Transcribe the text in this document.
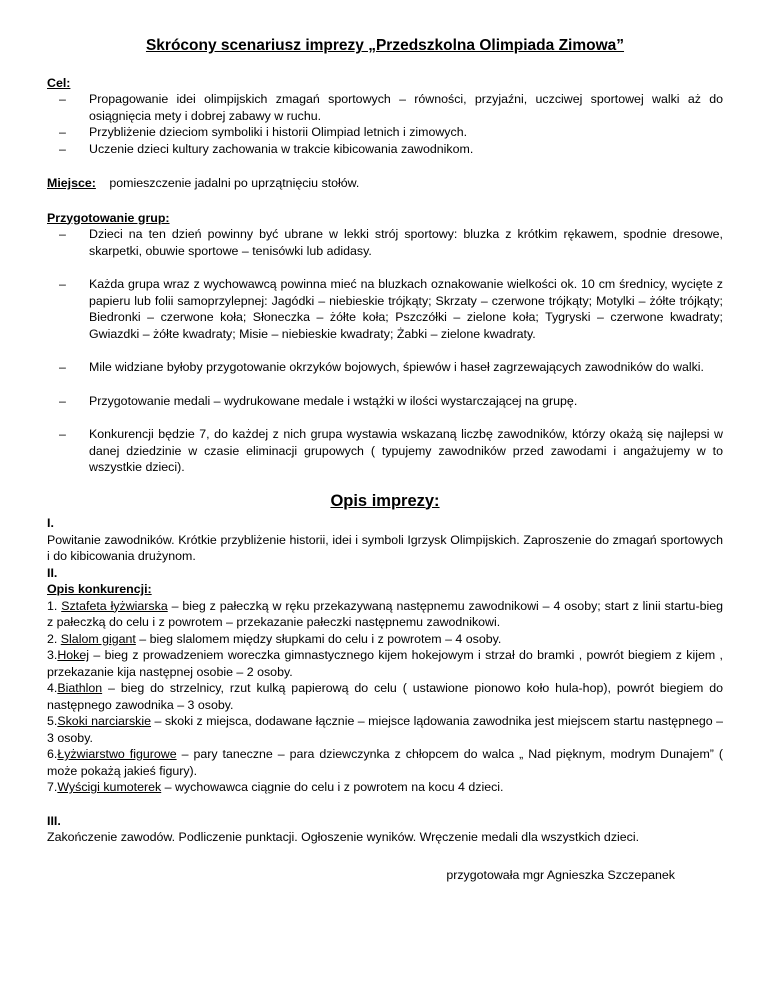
Skrócony scenariusz imprezy „Przedszkolna Olimpiada Zimowa”
Cel:
– Propagowanie idei olimpijskich zmagań sportowych – równości, przyjaźni, uczciwej sportowej walki aż do osiągnięcia mety i dobrej zabawy w ruchu.
– Przybliżenie dzieciom symboliki i historii Olimpiad letnich i zimowych.
– Uczenie dzieci kultury zachowania w trakcie kibicowania zawodnikom.
Miejsce: pomieszczenie jadalni po uprzątnięciu stołów.
Przygotowanie grup:
– Dzieci na ten dzień powinny być ubrane w lekki strój sportowy: bluzka z krótkim rękawem, spodnie dresowe, skarpetki, obuwie sportowe – tenisówki lub adidasy.
– Każda grupa wraz z wychowawcą powinna mieć na bluzkach oznakowanie wielkości ok. 10 cm średnicy, wycięte z papieru lub folii samoprzylepnej: Jagódki – niebieskie trójkąty; Skrzaty – czerwone trójkąty; Motylki – żółte trójkąty; Biedronki – czerwone koła; Słoneczka – żółte koła; Pszczółki – zielone koła; Tygryski – czerwone kwadraty; Gwiazdki – żółte kwadraty; Misie – niebieskie kwadraty; Żabki – zielone kwadraty.
– Mile widziane byłoby przygotowanie okrzyków bojowych, śpiewów i haseł zagrzewających zawodników do walki.
– Przygotowanie medali – wydrukowane medale i wstążki w ilości wystarczającej na grupę.
– Konkurencji będzie 7, do każdej z nich grupa wystawia wskazaną liczbę zawodników, którzy okażą się najlepsi w danej dziedzinie w czasie eliminacji grupowych ( typujemy zawodników przed zawodami i angażujemy w to wszystkie dzieci).
Opis imprezy:
I.

Powitanie zawodników. Krótkie przybliżenie historii, idei i symboli Igrzysk Olimpijskich. Zaproszenie do zmagań sportowych i do kibicowania drużynom.

II.
Opis konkurencji:

1. Sztafeta łyżwiarska – bieg z pałeczką w ręku przekazywaną następnemu zawodnikowi – 4 osoby; start z linii startu-bieg z pałeczką do celu i z powrotem – przekazanie pałeczki następnemu zawodnikowi.

2. Slalom gigant – bieg slalomem między słupkami do celu i z powrotem – 4 osoby.

3.Hokej – bieg z prowadzeniem woreczka gimnastycznego kijem hokejowym i strzał do bramki , powrót biegiem z kijem , przekazanie kija następnej osobie – 2 osoby.

4.Biathlon – bieg do strzelnicy, rzut kulką papierową do celu ( ustawione pionowo koło hula-hop), powrót biegiem do następnego zawodnika – 3 osoby.

5.Skoki narciarskie – skoki z miejsca, dodawane łącznie – miejsce lądowania zawodnika jest miejscem startu następnego – 3 osoby.

6.Łyżwiarstwo figurowe – pary taneczne – para dziewczynka z chłopcem do walca „ Nad pięknym, modrym Dunajem” ( może pokażą jakieś figury).

7.Wyścigi kumoterek – wychowawca ciągnie do celu i z powrotem na kocu 4 dzieci.

III.

Zakończenie zawodów. Podliczenie punktacji. Ogłoszenie wyników. Wręczenie medali dla wszystkich dzieci.

przygotowała mgr Agnieszka Szczepanek
